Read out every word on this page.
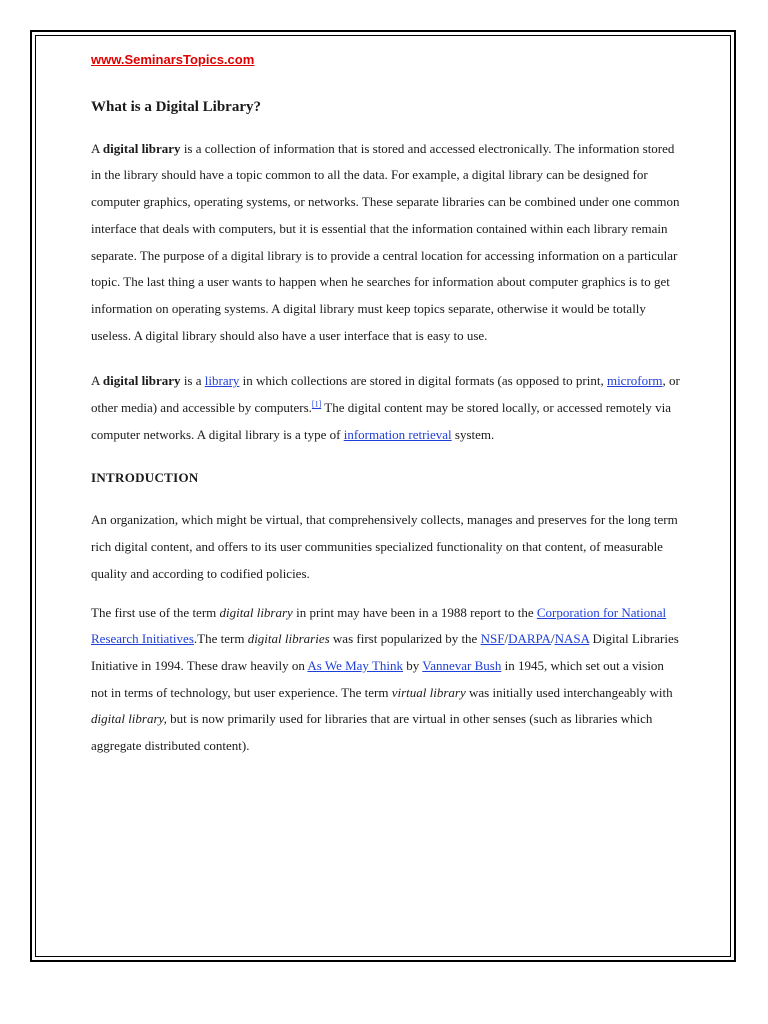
www.SeminarsTopics.com
What is a Digital Library?

A digital library is a collection of information that is stored and accessed electronically. The information stored in the library should have a topic common to all the data. For example, a digital library can be designed for computer graphics, operating systems, or networks. These separate libraries can be combined under one common interface that deals with computers, but it is essential that the information contained within each library remain separate. The purpose of a digital library is to provide a central location for accessing information on a particular topic. The last thing a user wants to happen when he searches for information about computer graphics is to get information on operating systems. A digital library must keep topics separate, otherwise it would be totally useless. A digital library should also have a user interface that is easy to use.

A digital library is a library in which collections are stored in digital formats (as opposed to print, microform, or other media) and accessible by computers.[1] The digital content may be stored locally, or accessed remotely via computer networks. A digital library is a type of information retrieval system.

INTRODUCTION

An organization, which might be virtual, that comprehensively collects, manages and preserves for the long term rich digital content, and offers to its user communities specialized functionality on that content, of measurable quality and according to codified policies.

The first use of the term digital library in print may have been in a 1988 report to the Corporation for National Research Initiatives.The term digital libraries was first popularized by the NSF/DARPA/NASA Digital Libraries Initiative in 1994. These draw heavily on As We May Think by Vannevar Bush in 1945, which set out a vision not in terms of technology, but user experience. The term virtual library was initially used interchangeably with digital library, but is now primarily used for libraries that are virtual in other senses (such as libraries which aggregate distributed content).
